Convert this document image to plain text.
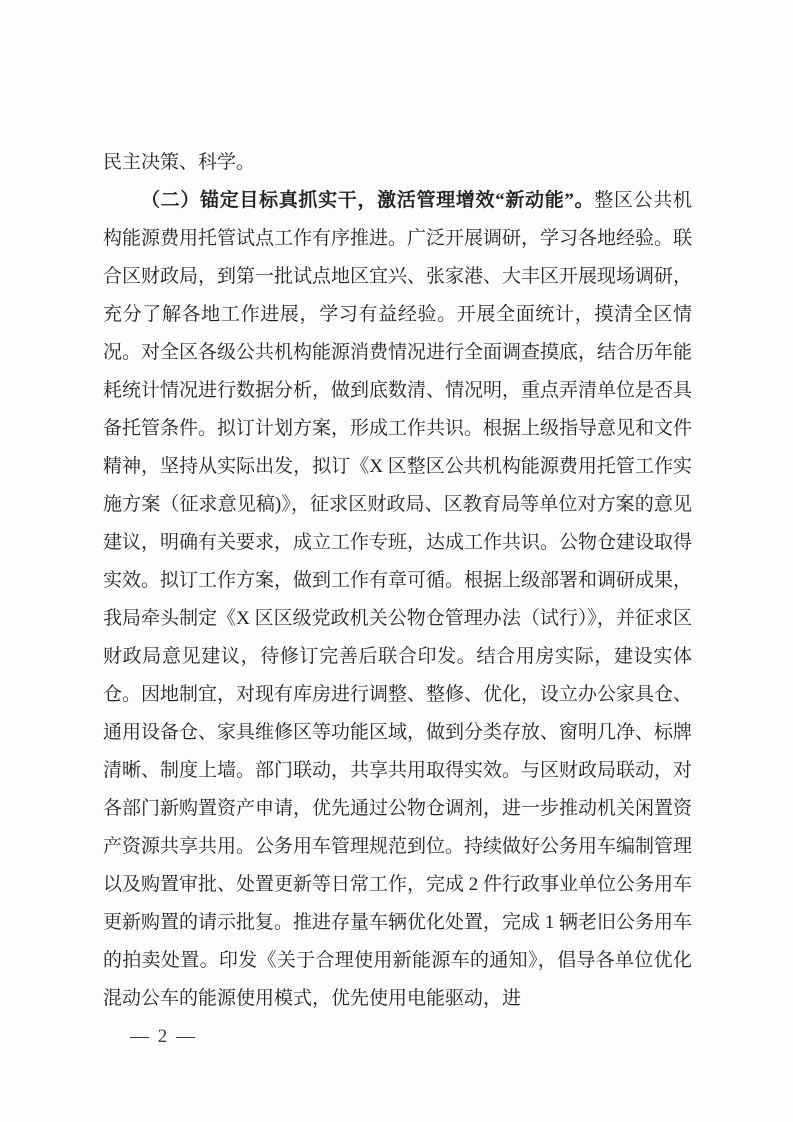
民主决策、科学。

（二）锚定目标真抓实干，激活管理增效“新动能”。整区公共机构能源费用托管试点工作有序推进。广泛开展调研，学习各地经验。联合区财政局，到第一批试点地区宜兴、张家港、大丰区开展现场调研，充分了解各地工作进展，学习有益经验。开展全面统计，摸清全区情况。对全区各级公共机构能源消费情况进行全面调查摸底，结合历年能耗统计情况进行数据分析，做到底数清、情况明，重点弄清单位是否具备托管条件。拟订计划方案，形成工作共识。根据上级指导意见和文件精神，坚持从实际出发，拟订《X 区整区公共机构能源费用托管工作实施方案（征求意见稿)》，征求区财政局、区教育局等单位对方案的意见建议，明确有关要求，成立工作专班，达成工作共识。公物仓建设取得实效。拟订工作方案，做到工作有章可循。根据上级部署和调研成果，我局牵头制定《X 区区级党政机关公物仓管理办法（试行）》，并征求区财政局意见建议，待修订完善后联合印发。结合用房实际，建设实体仓。因地制宜，对现有库房进行调整、整修、优化，设立办公家具仓、通用设备仓、家具维修区等功能区域，做到分类存放、窗明几净、标牌清晰、制度上墙。部门联动，共享共用取得实效。与区财政局联动，对各部门新购置资产申请，优先通过公物仓调剂，进一步推动机关闲置资产资源共享共用。公务用车管理规范到位。持续做好公务用车编制管理以及购置审批、处置更新等日常工作，完成 2 件行政事业单位公务用车更新购置的请示批复。推进存量车辆优化处置，完成 1 辆老旧公务用车的拍卖处置。印发《关于合理使用新能源车的通知》，倡导各单位优化混动公车的能源使用模式，优先使用电能驱动，进

— 2 —
